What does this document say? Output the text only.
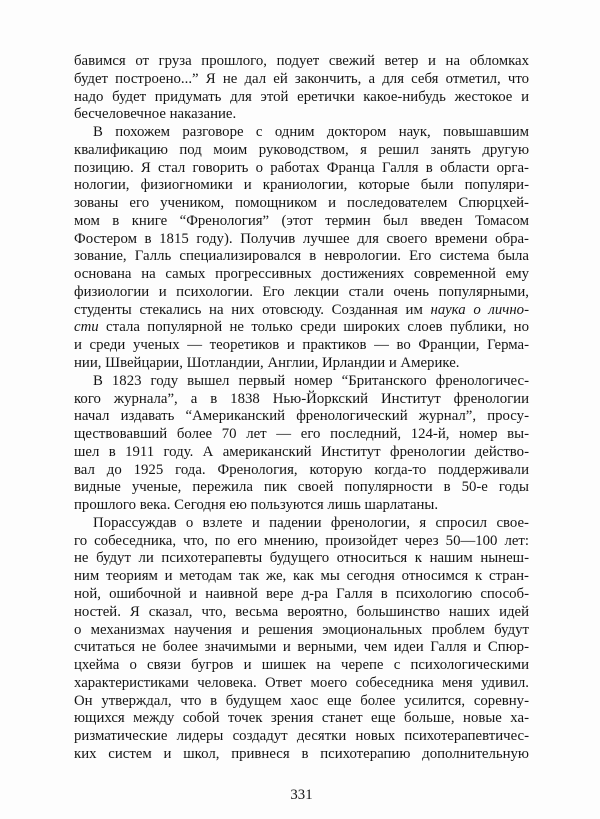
бавимся от груза прошлого, подует свежий ветер и на обломках
будет построено...” Я не дал ей закончить, а для себя отметил, что
надо будет придумать для этой еретички какое-нибудь жестокое и
бесчеловечное наказание.
В похожем разговоре с одним доктором наук, повышавшим
квалификацию под моим руководством, я решил занять другую
позицию. Я стал говорить о работах Франца Галля в области орга-
нологии, физиогномики и краниологии, которые были популяри-
зованы его учеником, помощником и последователем Спюрцхей-
мом в книге “Френология” (этот термин был введен Томасом
Фостером в 1815 году). Получив лучшее для своего времени обра-
зование, Галль специализировался в неврологии. Его система была
основана на самых прогрессивных достижениях современной ему
физиологии и психологии. Его лекции стали очень популярными,
студенты стекались на них отовсюду. Созданная им наука о лично-
сти стала популярной не только среди широких слоев публики, но
и среди ученых — теоретиков и практиков — во Франции, Герма-
нии, Швейцарии, Шотландии, Англии, Ирландии и Америке.
В 1823 году вышел первый номер “Британского френологичес-
кого журнала”, а в 1838 Нью-Йоркский Институт френологии
начал издавать “Американский френологический журнал”, просу-
ществовавший более 70 лет — его последний, 124-й, номер вы-
шел в 1911 году. А американский Институт френологии действо-
вал до 1925 года. Френология, которую когда-то поддерживали
видные ученые, пережила пик своей популярности в 50-е годы
прошлого века. Сегодня ею пользуются лишь шарлатаны.
Порассуждав о взлете и падении френологии, я спросил свое-
го собеседника, что, по его мнению, произойдет через 50—100 лет:
не будут ли психотерапевты будущего относиться к нашим нынеш-
ним теориям и методам так же, как мы сегодня относимся к стран-
ной, ошибочной и наивной вере д-ра Галля в психологию способ-
ностей. Я сказал, что, весьма вероятно, большинство наших идей
о механизмах научения и решения эмоциональных проблем будут
считаться не более значимыми и верными, чем идеи Галля и Спюр-
цхейма о связи бугров и шишек на черепе с психологическими
характеристиками человека. Ответ моего собеседника меня удивил.
Он утверждал, что в будущем хаос еще более усилится, соревну-
ющихся между собой точек зрения станет еще больше, новые ха-
ризматические лидеры создадут десятки новых психотерапевтичес-
ких систем и школ, привнеся в психотерапию дополнительную
331
